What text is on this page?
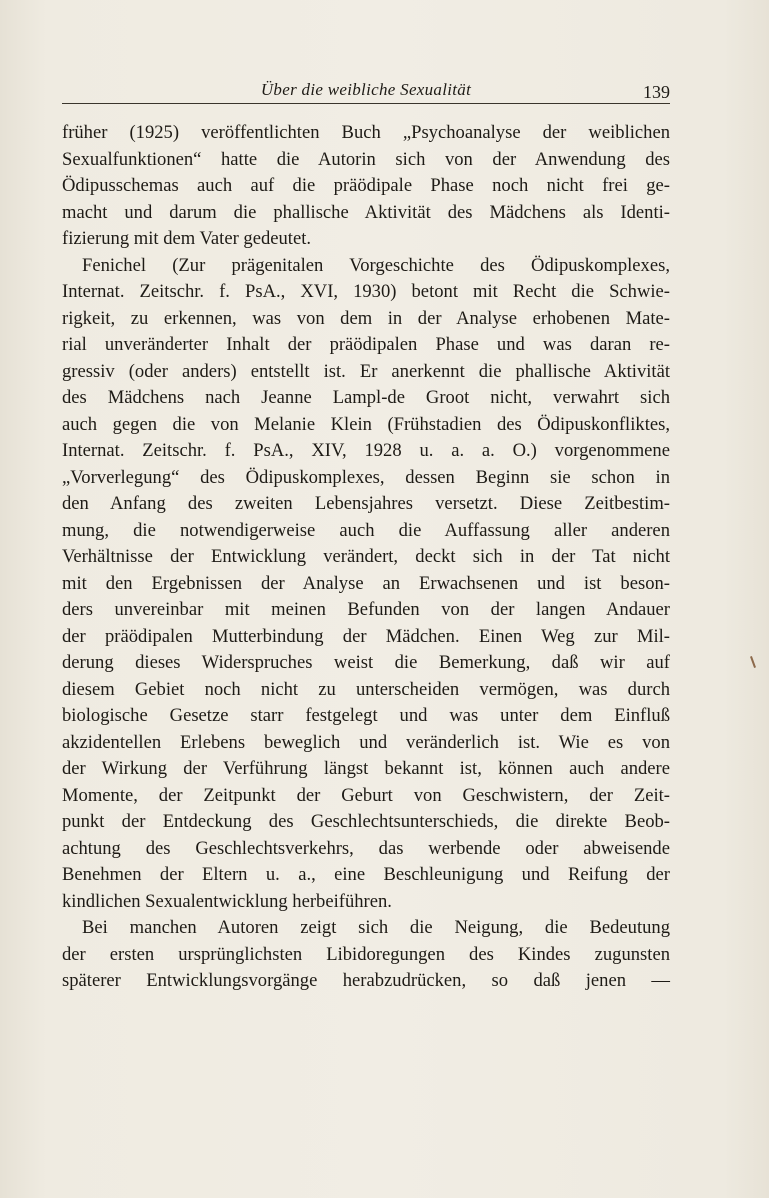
Über die weibliche Sexualität	139
früher (1925) veröffentlichten Buch „Psychoanalyse der weiblichen
Sexualfunktionen“ hatte die Autorin sich von der Anwendung des
Ödipusschemas auch auf die präödipale Phase noch nicht frei ge-
macht und darum die phallische Aktivität des Mädchens als Identi-
fizierung mit dem Vater gedeutet.
Fenichel (Zur prägenitalen Vorgeschichte des Ödipuskomplexes,
Internat. Zeitschr. f. PsA., XVI, 1930) betont mit Recht die Schwie-
rigkeit, zu erkennen, was von dem in der Analyse erhobenen Mate-
rial unveränderter Inhalt der präödipalen Phase und was daran re-
gressiv (oder anders) entstellt ist. Er anerkennt die phallische Aktivität
des Mädchens nach Jeanne Lampl-de Groot nicht, verwahrt sich
auch gegen die von Melanie Klein (Frühstadien des Ödipuskonfliktes,
Internat. Zeitschr. f. PsA., XIV, 1928 u. a. a. O.) vorgenommene
„Vorverlegung“ des Ödipuskomplexes, dessen Beginn sie schon in
den Anfang des zweiten Lebensjahres versetzt. Diese Zeitbestim-
mung, die notwendigerweise auch die Auffassung aller anderen
Verhältnisse der Entwicklung verändert, deckt sich in der Tat nicht
mit den Ergebnissen der Analyse an Erwachsenen und ist beson-
ders unvereinbar mit meinen Befunden von der langen Andauer
der präödipalen Mutterbindung der Mädchen. Einen Weg zur Mil-
derung dieses Widerspruches weist die Bemerkung, daß wir auf
diesem Gebiet noch nicht zu unterscheiden vermögen, was durch
biologische Gesetze starr festgelegt und was unter dem Einfluß
akzidentellen Erlebens beweglich und veränderlich ist. Wie es von
der Wirkung der Verführung längst bekannt ist, können auch andere
Momente, der Zeitpunkt der Geburt von Geschwistern, der Zeit-
punkt der Entdeckung des Geschlechtsunterschieds, die direkte Beob-
achtung des Geschlechtsverkehrs, das werbende oder abweisende
Benehmen der Eltern u. a., eine Beschleunigung und Reifung der
kindlichen Sexualentwicklung herbeiführen.
Bei manchen Autoren zeigt sich die Neigung, die Bedeutung
der ersten ursprünglichsten Libidoregungen des Kindes zugunsten
späterer Entwicklungsvorgänge herabzudrücken, so daß jenen —
